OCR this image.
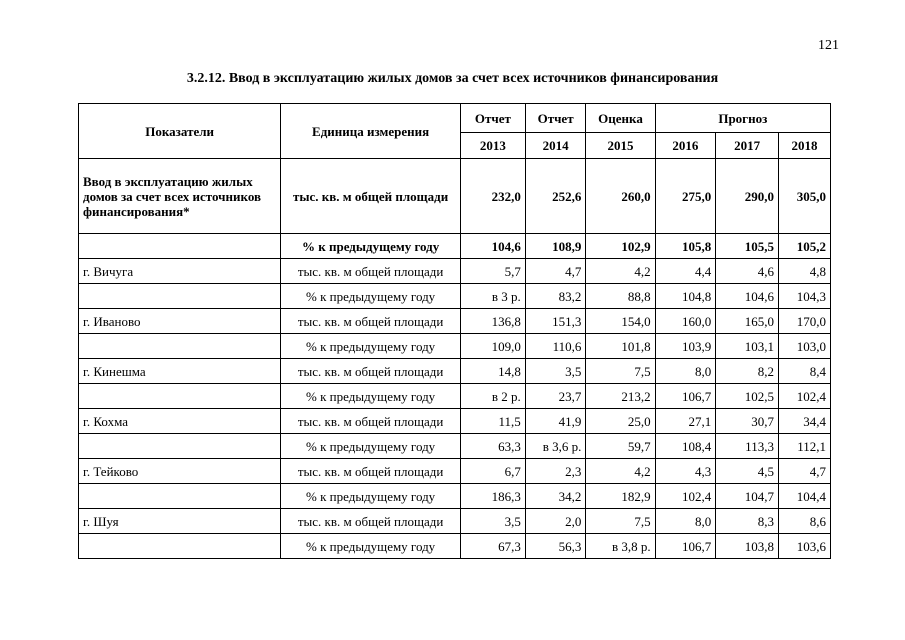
121
3.2.12. Ввод в эксплуатацию жилых домов за счет всех источников финансирования
Показатели	Единица измерения	Отчет	Отчет	Оценка	Прогноз		
		2013	2014	2015	2016	2017	2018
Ввод в эксплуатацию жилых домов за счет всех источников финансирования*	тыс. кв. м общей площади	232,0	252,6	260,0	275,0	290,0	305,0
	% к предыдущему году	104,6	108,9	102,9	105,8	105,5	105,2
г. Вичуга	тыс. кв. м общей площади	5,7	4,7	4,2	4,4	4,6	4,8
	% к предыдущему году	в 3 р.	83,2	88,8	104,8	104,6	104,3
г. Иваново	тыс. кв. м общей площади	136,8	151,3	154,0	160,0	165,0	170,0
	% к предыдущему году	109,0	110,6	101,8	103,9	103,1	103,0
г. Кинешма	тыс. кв. м общей площади	14,8	3,5	7,5	8,0	8,2	8,4
	% к предыдущему году	в 2 р.	23,7	213,2	106,7	102,5	102,4
г. Кохма	тыс. кв. м общей площади	11,5	41,9	25,0	27,1	30,7	34,4
	% к предыдущему году	63,3	в 3,6 р.	59,7	108,4	113,3	112,1
г. Тейково	тыс. кв. м общей площади	6,7	2,3	4,2	4,3	4,5	4,7
	% к предыдущему году	186,3	34,2	182,9	102,4	104,7	104,4
г. Шуя	тыс. кв. м общей площади	3,5	2,0	7,5	8,0	8,3	8,6
	% к предыдущему году	67,3	56,3	в 3,8 р.	106,7	103,8	103,6
